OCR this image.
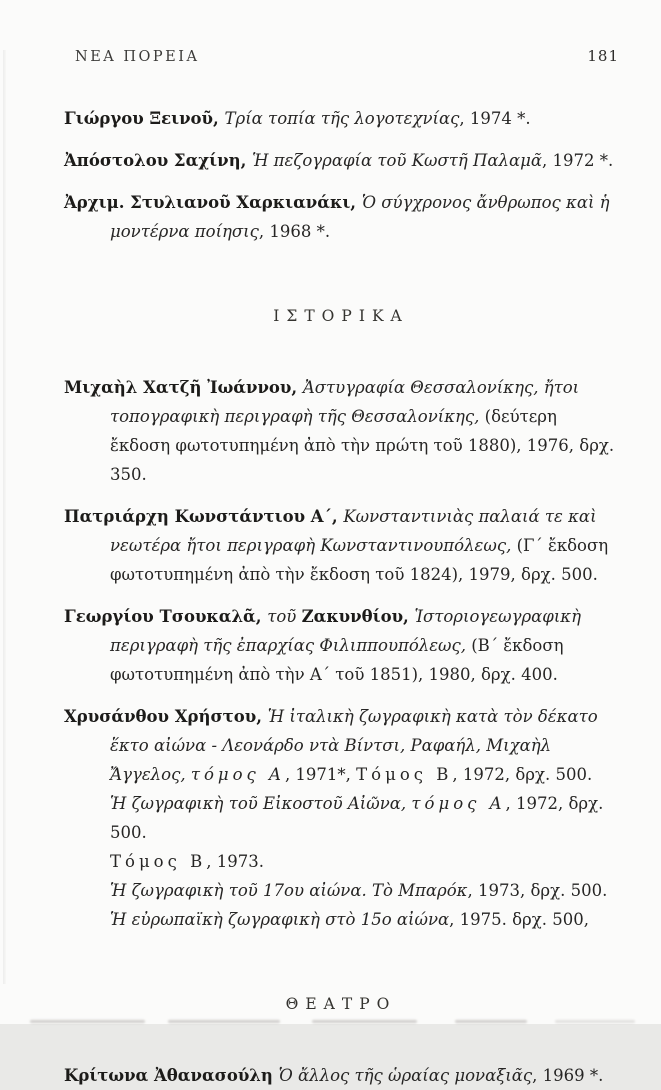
ΝΕΑ ΠΟΡΕΙΑ	181

Γιώργου Ξεινοῦ, Τρία τοπία τῆς λογοτεχνίας, 1974 *.

Ἀπόστολου Σαχίνη, Ἡ πεζογραφία τοῦ Κωστῆ Παλαμᾶ, 1972 *.

Ἀρχιμ. Στυλιανοῦ Χαρκιανάκι, Ὁ σύγχρονος ἄνθρωπος καὶ ἡ μοντέρνα ποίησις, 1968 *.

ΙΣΤΟΡΙΚΑ

Μιχαὴλ Χατζῆ Ἰωάννου, Ἀστυγραφία Θεσσαλονίκης, ἤτοι τοπογραφικὴ περιγραφὴ τῆς Θεσσαλονίκης, (δεύτερη ἔκδοση φωτοτυπημένη ἀπὸ τὴν πρώτη τοῦ 1880), 1976, δρχ. 350.

Πατριάρχη Κωνστάντιου Α΄, Κωνσταντινιὰς παλαιά τε καὶ νεωτέρα ἤτοι περιγραφὴ Κωνσταντινουπόλεως, (Γ΄ ἔκδοση φωτοτυπημένη ἀπὸ τὴν ἔκδοση τοῦ 1824), 1979, δρχ. 500.

Γεωργίου Τσουκαλᾶ, τοῦ Ζακυνθίου, Ἱστοριογεωγραφικὴ περιγραφὴ τῆς ἐπαρχίας Φιλιππουπόλεως, (Β΄ ἔκδοση φωτοτυπημένη ἀπὸ τὴν Α΄ τοῦ 1851), 1980, δρχ. 400.

Χρυσάνθου Χρήστου, Ἡ ἰταλικὴ ζωγραφικὴ κατὰ τὸν δέκατο ἕκτο αἰώνα - Λεονάρδο ντὰ Βίντσι, Ραφαήλ, Μιχαὴλ Ἄγγελος, τόμος Α, 1971*, Τόμος Β, 1972, δρχ. 500.

Ἡ ζωγραφικὴ τοῦ Εἰκοστοῦ Αἰῶνα, τόμος Α, 1972, δρχ. 500.

Τόμος Β, 1973.

Ἡ ζωγραφικὴ τοῦ 17ου αἰώνα. Τὸ Μπαρόκ, 1973, δρχ. 500.

Ἡ εὐρωπαϊκὴ ζωγραφικὴ στὸ 15ο αἰώνα, 1975. δρχ. 500,

ΘΕΑΤΡΟ

Κρίτωνα Ἀθανασούλη Ὁ ἄλλος τῆς ὡραίας μοναξιᾶς, 1969 *.
